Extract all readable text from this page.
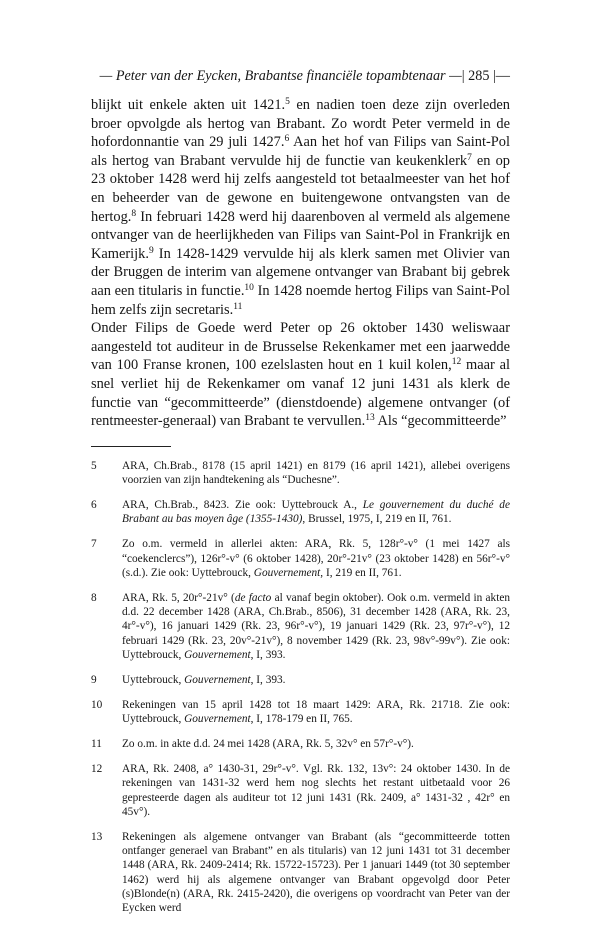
— Peter van der Eycken, Brabantse financiële topambtenaar —| 285 |—

blijkt uit enkele akten uit 1421.$^5$ en nadien toen deze zijn overleden broer opvolgde als hertog van Brabant. Zo wordt Peter vermeld in de hofordonnantie van 29 juli 1427.$^6$ Aan het hof van Filips van Saint-Pol als hertog van Brabant vervulde hij de functie van keukenklerk$^7$ en op 23 oktober 1428 werd hij zelfs aangesteld tot betaalmeester van het hof en beheerder van de gewone en buitengewone ontvangsten van de hertog.$^8$ In februari 1428 werd hij daarenboven al vermeld als algemene ontvanger van de heerlijkheden van Filips van Saint-Pol in Frankrijk en Kamerijk.$^9$ In 1428-1429 vervulde hij als klerk samen met Olivier van der Bruggen de interim van algemene ontvanger van Brabant bij gebrek aan een titularis in functie.$^{10}$ In 1428 noemde hertog Filips van Saint-Pol hem zelfs zijn secretaris.$^{11}$

Onder Filips de Goede werd Peter op 26 oktober 1430 weliswaar aangesteld tot auditeur in de Brusselse Rekenkamer met een jaarwedde van 100 Franse kronen, 100 ezelslasten hout en 1 kuil kolen,$^{12}$ maar al snel verliet hij de Rekenkamer om vanaf 12 juni 1431 als klerk de functie van “gecommitteerde” (dienstdoende) algemene ontvanger (of rentmeester-generaal) van Brabant te vervullen.$^{13}$ Als “gecommitteerde”

5	ARA, Ch.Brab., 8178 (15 april 1421) en 8179 (16 april 1421), allebei overigens voorzien van zijn handtekening als “Duchesne”.
6	ARA, Ch.Brab., 8423. Zie ook: Uyttebrouck A., Le gouvernement du duché de Brabant au bas moyen âge (1355-1430), Brussel, 1975, I, 219 en II, 761.
7	Zo o.m. vermeld in allerlei akten: ARA, Rk. 5, 128r°-v° (1 mei 1427 als “coekenclercs”), 126r°-v° (6 oktober 1428), 20r°-21v° (23 oktober 1428) en 56r°-v° (s.d.). Zie ook: Uyttebrouck, Gouvernement, I, 219 en II, 761.
8	ARA, Rk. 5, 20r°-21v° (de facto al vanaf begin oktober). Ook o.m. vermeld in akten d.d. 22 december 1428 (ARA, Ch.Brab., 8506), 31 december 1428 (ARA, Rk. 23, 4r°-v°), 16 januari 1429 (Rk. 23, 96r°-v°), 19 januari 1429 (Rk. 23, 97r°-v°), 12 februari 1429 (Rk. 23, 20v°-21v°), 8 november 1429 (Rk. 23, 98v°-99v°). Zie ook: Uyttebrouck, Gouvernement, I, 393.
9	Uyttebrouck, Gouvernement, I, 393.
10	Rekeningen van 15 april 1428 tot 18 maart 1429: ARA, Rk. 21718. Zie ook: Uyttebrouck, Gouvernement, I, 178-179 en II, 765.
11	Zo o.m. in akte d.d. 24 mei 1428 (ARA, Rk. 5, 32v° en 57r°-v°).
12	ARA, Rk. 2408, a° 1430-31, 29r°-v°. Vgl. Rk. 132, 13v°: 24 oktober 1430. In de rekeningen van 1431-32 werd hem nog slechts het restant uitbetaald voor 26 gepresteerde dagen als auditeur tot 12 juni 1431 (Rk. 2409, a° 1431-32 , 42r° en 45v°).
13	Rekeningen als algemene ontvanger van Brabant (als “gecommitteerde totten ontfanger generael van Brabant” en als titularis) van 12 juni 1431 tot 31 december 1448 (ARA, Rk. 2409-2414; Rk. 15722-15723). Per 1 januari 1449 (tot 30 september 1462) werd hij als algemene ontvanger van Brabant opgevolgd door Peter (s)Blonde(n) (ARA, Rk. 2415-2420), die overigens op voordracht van Peter van der Eycken werd
